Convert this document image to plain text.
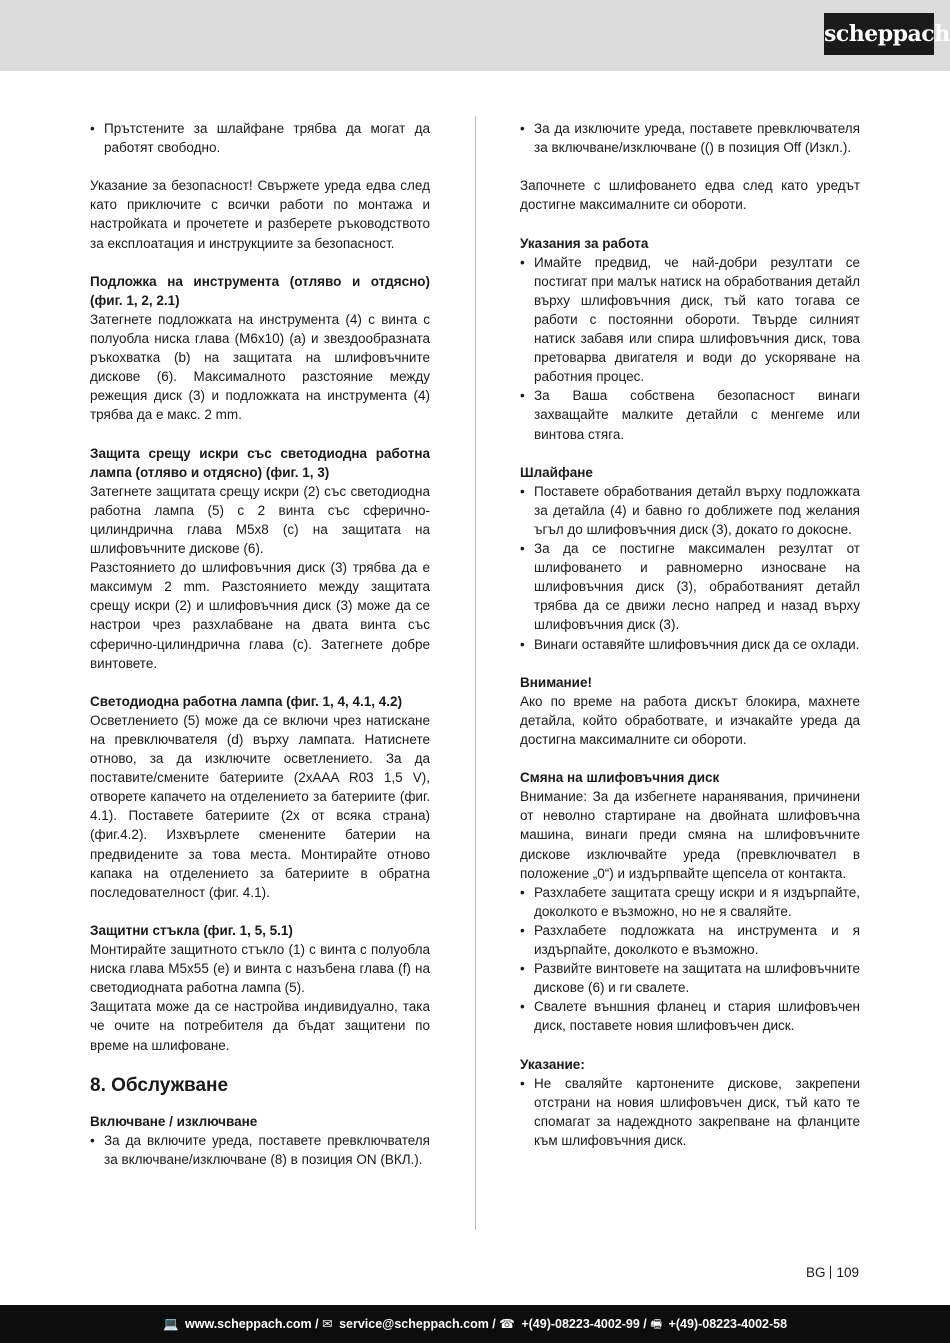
scheppach
• Прътстените за шлайфане трябва да могат да работят свободно.
Указание за безопасност! Свържете уреда едва след като приключите с всички работи по монтажа и настройката и прочетете и разберете ръководството за експлоатация и инструкциите за безопасност.
Подложка на инструмента (отляво и отдясно) (фиг. 1, 2, 2.1)
Затегнете подложката на инструмента (4) с винта с полуобла ниска глава (M6x10) (a) и звездообразната ръкохватка (b) на защитата на шлифовъчните дискове (6). Максималното разстояние между режещия диск (3) и подложката на инструмента (4) трябва да е макс. 2 mm.
Защита срещу искри със светодиодна работна лампа (отляво и отдясно) (фиг. 1, 3)
Затегнете защитата срещу искри (2) със светодиодна работна лампа (5) с 2 винта със сферично-цилиндрична глава M5x8 (c) на защитата на шлифовъчните дискове (6).
Разстоянието до шлифовъчния диск (3) трябва да е максимум 2 mm. Разстоянието между защитата срещу искри (2) и шлифовъчния диск (3) може да се настрои чрез разхлабване на двата винта със сферично-цилиндрична глава (c). Затегнете добре винтовете.
Светодиодна работна лампа (фиг. 1, 4, 4.1, 4.2)
Осветлението (5) може да се включи чрез натискане на превключвателя (d) върху лампата. Натиснете отново, за да изключите осветлението. За да поставите/смените батериите (2xAAA R03 1,5 V), отворете капачето на отделението за батериите (фиг. 4.1). Поставете батериите (2x от всяка страна) (фиг.4.2). Изхвърлете сменените батерии на предвидените за това места. Монтирайте отново капака на отделението за батериите в обратна последователност (фиг. 4.1).
Защитни стъкла (фиг. 1, 5, 5.1)
Монтирайте защитното стъкло (1) с винта с полуобла ниска глава M5x55 (e) и винта с назъбена глава (f) на светодиодната работна лампа (5).
Защитата може да се настройва индивидуално, така че очите на потребителя да бъдат защитени по време на шлифоване.
8. Обслужване
Включване / изключване
• За да включите уреда, поставете превключвателя за включване/изключване (8) в позиция ON (ВКЛ.).
• За да изключите уреда, поставете превключвателя за включване/изключване (() в позиция Off (Изкл.).
Започнете с шлифоването едва след като уредът достигне максималните си обороти.
Указания за работа
• Имайте предвид, че най-добри резултати се постигат при малък натиск на обработвания детайл върху шлифовъчния диск, тъй като тогава се работи с постоянни обороти. Твърде силният натиск забавя или спира шлифовъчния диск, това претоварва двигателя и води до ускоряване на работния процес.
• За Ваша собствена безопасност винаги захващайте малките детайли с менгеме или винтова стяга.
Шлайфане
• Поставете обработвания детайл върху подложката за детайла (4) и бавно го доближете под желания ъгъл до шлифовъчния диск (3), докато го докосне.
• За да се постигне максимален резултат от шлифоването и равномерно износване на шлифовъчния диск (3), обработваният детайл трябва да се движи лесно напред и назад върху шлифовъчния диск (3).
• Винаги оставяйте шлифовъчния диск да се охлади.
Внимание!
Ако по време на работа дискът блокира, махнете детайла, който обработвате, и изчакайте уреда да достигна максималните си обороти.
Смяна на шлифовъчния диск
Внимание: За да избегнете наранявания, причинени от неволно стартиране на двойната шлифовъчна машина, винаги преди смяна на шлифовъчните дискове изключвайте уреда (превключвател в положение „0“) и издърпвайте щепсела от контакта.
• Разхлабете защитата срещу искри и я издърпайте, доколкото е възможно, но не я сваляйте.
• Разхлабете подложката на инструмента и я издърпайте, доколкото е възможно.
• Развийте винтовете на защитата на шлифовъчните дискове (6) и ги свалете.
• Свалете външния фланец и стария шлифовъчен диск, поставете новия шлифовъчен диск.
Указание:
• Не сваляйте картонените дискове, закрепени отстрани на новия шлифовъчен диск, тъй като те спомагат за надеждното закрепване на фланците към шлифовъчния диск.
BG 109
💻 www.scheppach.com / ✉ service@scheppach.com / ☎ +(49)-08223-4002-99 / 🖷 +(49)-08223-4002-58
